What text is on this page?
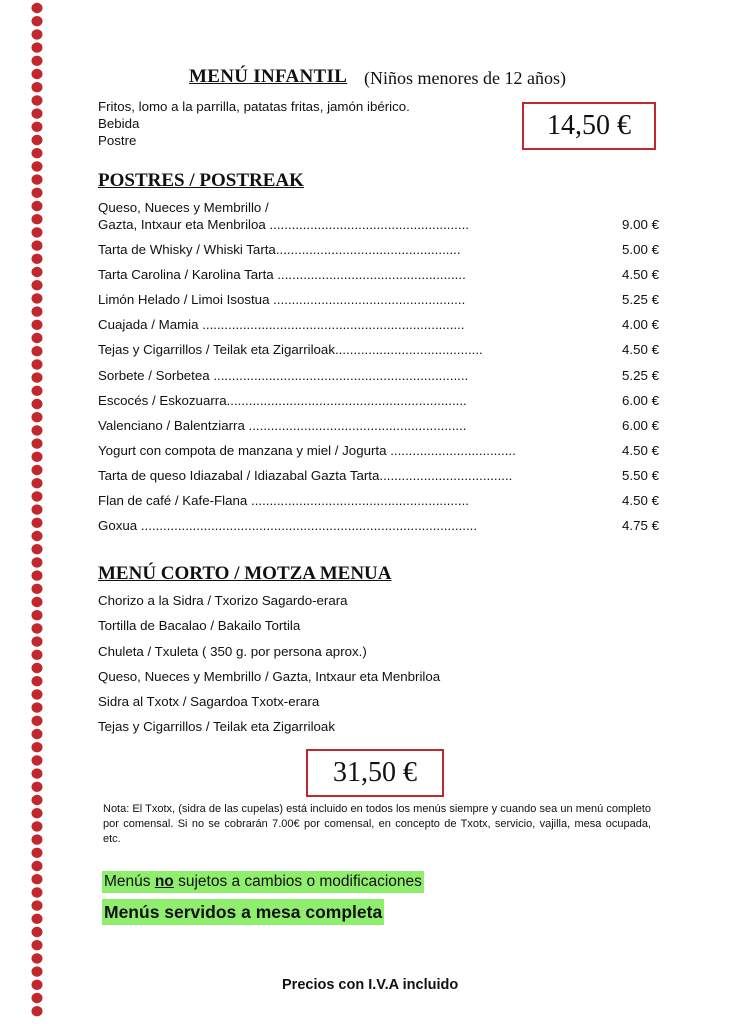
MENÚ INFANTIL (Niños menores de 12 años)
Fritos, lomo a la parrilla, patatas fritas, jamón ibérico.
Bebida
Postre	14,50 €
POSTRES / POSTREAK
Queso, Nueces y Membrillo /
Gazta, Intxaur eta Menbriloa ......................................................	9.00 €
Tarta de Whisky / Whiski Tarta..................................................	5.00 €
Tarta Carolina / Karolina Tarta ...................................................	4.50 €
Limón Helado / Limoi Isostua ....................................................	5.25 €
Cuajada / Mamia .......................................................................	4.00 €
Tejas y Cigarrillos / Teilak eta Zigarriloak........................................	4.50 €
Sorbete / Sorbetea .....................................................................	5.25 €
Escocés / Eskozuarra.................................................................	6.00 €
Valenciano / Balentziarra ...........................................................	6.00 €
Yogurt con compota de manzana y miel / Jogurta ..................................	4.50 €
Tarta de queso Idiazabal / Idiazabal Gazta Tarta....................................	5.50 €
Flan de café / Kafe-Flana ...........................................................	4.50 €
Goxua ...........................................................................................	4.75 €
MENÚ CORTO / MOTZA MENUA
Chorizo a la Sidra / Txorizo Sagardo-erara
Tortilla de Bacalao / Bakailo Tortila
Chuleta / Txuleta ( 350 g. por persona aprox.)
Queso, Nueces y Membrillo / Gazta, Intxaur eta Menbriloa
Sidra al Txotx / Sagardoa Txotx-erara
Tejas y Cigarrillos / Teilak eta Zigarriloak
31,50 €
Nota: El Txotx, (sidra de las cupelas) está incluido en todos los menús siempre y cuando sea un menú completo por comensal. Si no se cobrarán 7.00€ por comensal, en concepto de Txotx, servicio, vajilla, mesa ocupada, etc.
Menús no sujetos a cambios o modificaciones
Menús servidos a mesa completa
Precios con I.V.A incluido
